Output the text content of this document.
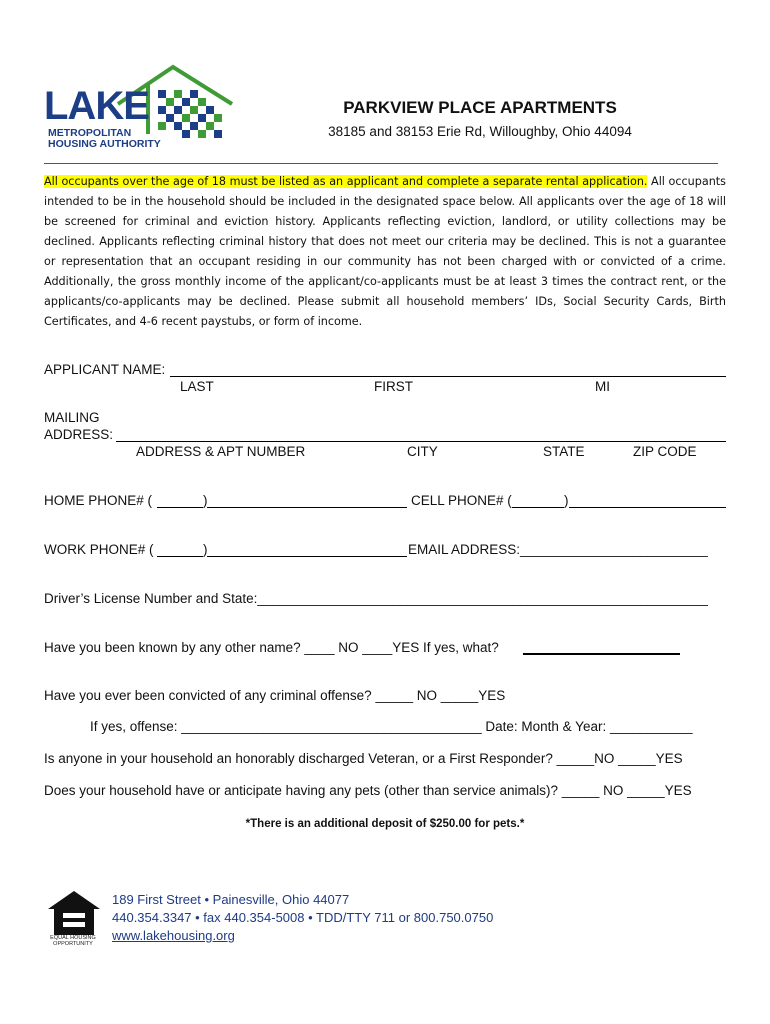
LAKE
METROPOLITAN
HOUSING AUTHORITY
PARKVIEW PLACE APARTMENTS
38185 and 38153 Erie Rd, Willoughby, Ohio 44094

All occupants over the age of 18 must be listed as an applicant and complete a separate rental application. All occupants intended to be in the household should be included in the designated space below. All applicants over the age of 18 will be screened for criminal and eviction history. Applicants reflecting eviction, landlord, or utility collections may be declined. Applicants reflecting criminal history that does not meet our criteria may be declined. This is not a guarantee or representation that an occupant residing in our community has not been charged with or convicted of a crime. Additionally, the gross monthly income of the applicant/co-applicants must be at least 3 times the contract rent, or the applicants/co-applicants may be declined. Please submit all household members’ IDs, Social Security Cards, Birth Certificates, and 4-6 recent paystubs, or form of income.

APPLICANT NAME:
LAST	FIRST	MI
MAILING
ADDRESS:
ADDRESS & APT NUMBER	CITY	STATE	ZIP CODE
HOME PHONE# (	)	CELL PHONE# (	)
WORK PHONE# (	)	EMAIL ADDRESS:_________________________
Driver’s License Number and State:____________________________________________________________
Have you been known by any other name? ____ NO ____YES If yes, what?
Have you ever been convicted of any criminal offense? _____ NO _____YES
If yes, offense: ________________________________________ Date: Month & Year: ___________
Is anyone in your household an honorably discharged Veteran, or a First Responder? _____NO _____YES
Does your household have or anticipate having any pets (other than service animals)? _____ NO _____YES
*There is an additional deposit of $250.00 for pets.*
EQUAL HOUSING
OPPORTUNITY
189 First Street • Painesville, Ohio 44077
440.354.3347 • fax 440.354-5008 • TDD/TTY 711 or 800.750.0750
www.lakehousing.org
